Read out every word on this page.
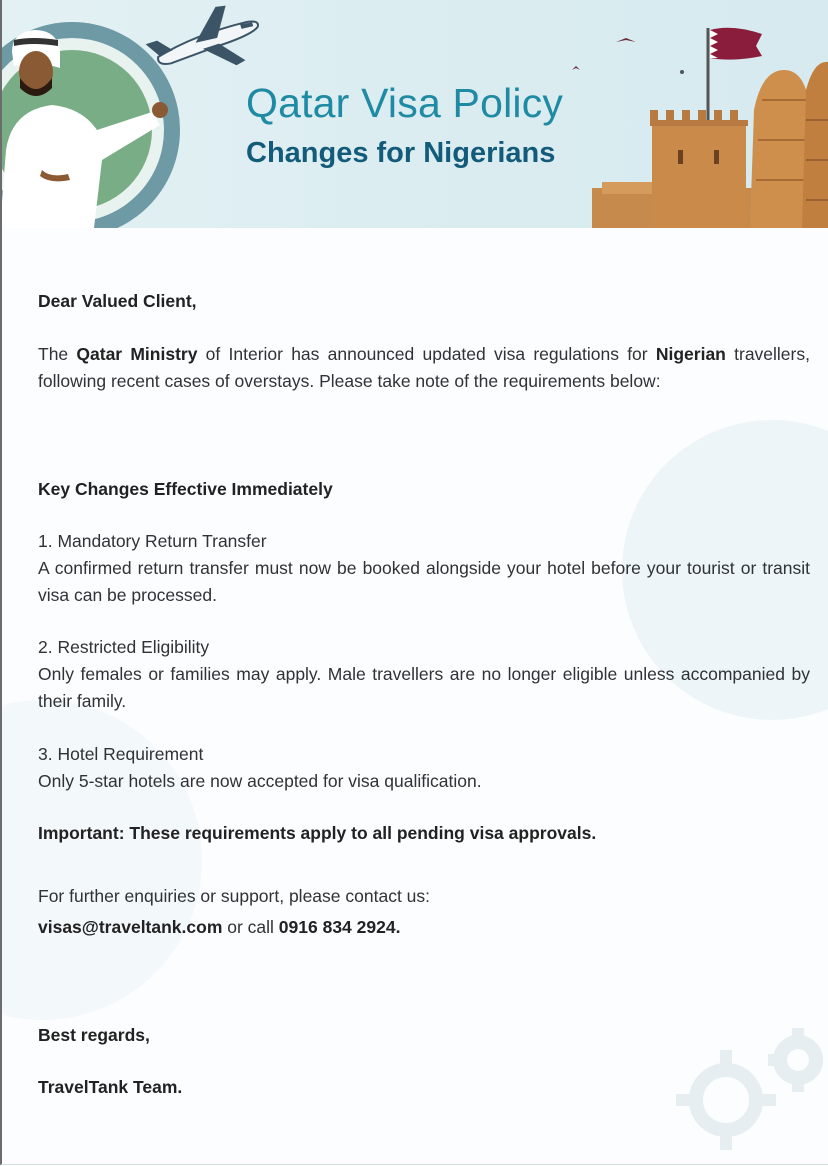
Qatar Visa Policy
Changes for Nigerians

Dear Valued Client,

The Qatar Ministry of Interior has announced updated visa regulations for Nigerian travellers, following recent cases of overstays. Please take note of the requirements below:

Key Changes Effective Immediately

1. Mandatory Return Transfer

A confirmed return transfer must now be booked alongside your hotel before your tourist or transit visa can be processed.

2. Restricted Eligibility

Only females or families may apply. Male travellers are no longer eligible unless accompanied by their family.

3. Hotel Requirement

Only 5-star hotels are now accepted for visa qualification.

Important: These requirements apply to all pending visa approvals.

For further enquiries or support, please contact us:

visas@traveltank.com or call 0916 834 2924.

Best regards,

TravelTank Team.
